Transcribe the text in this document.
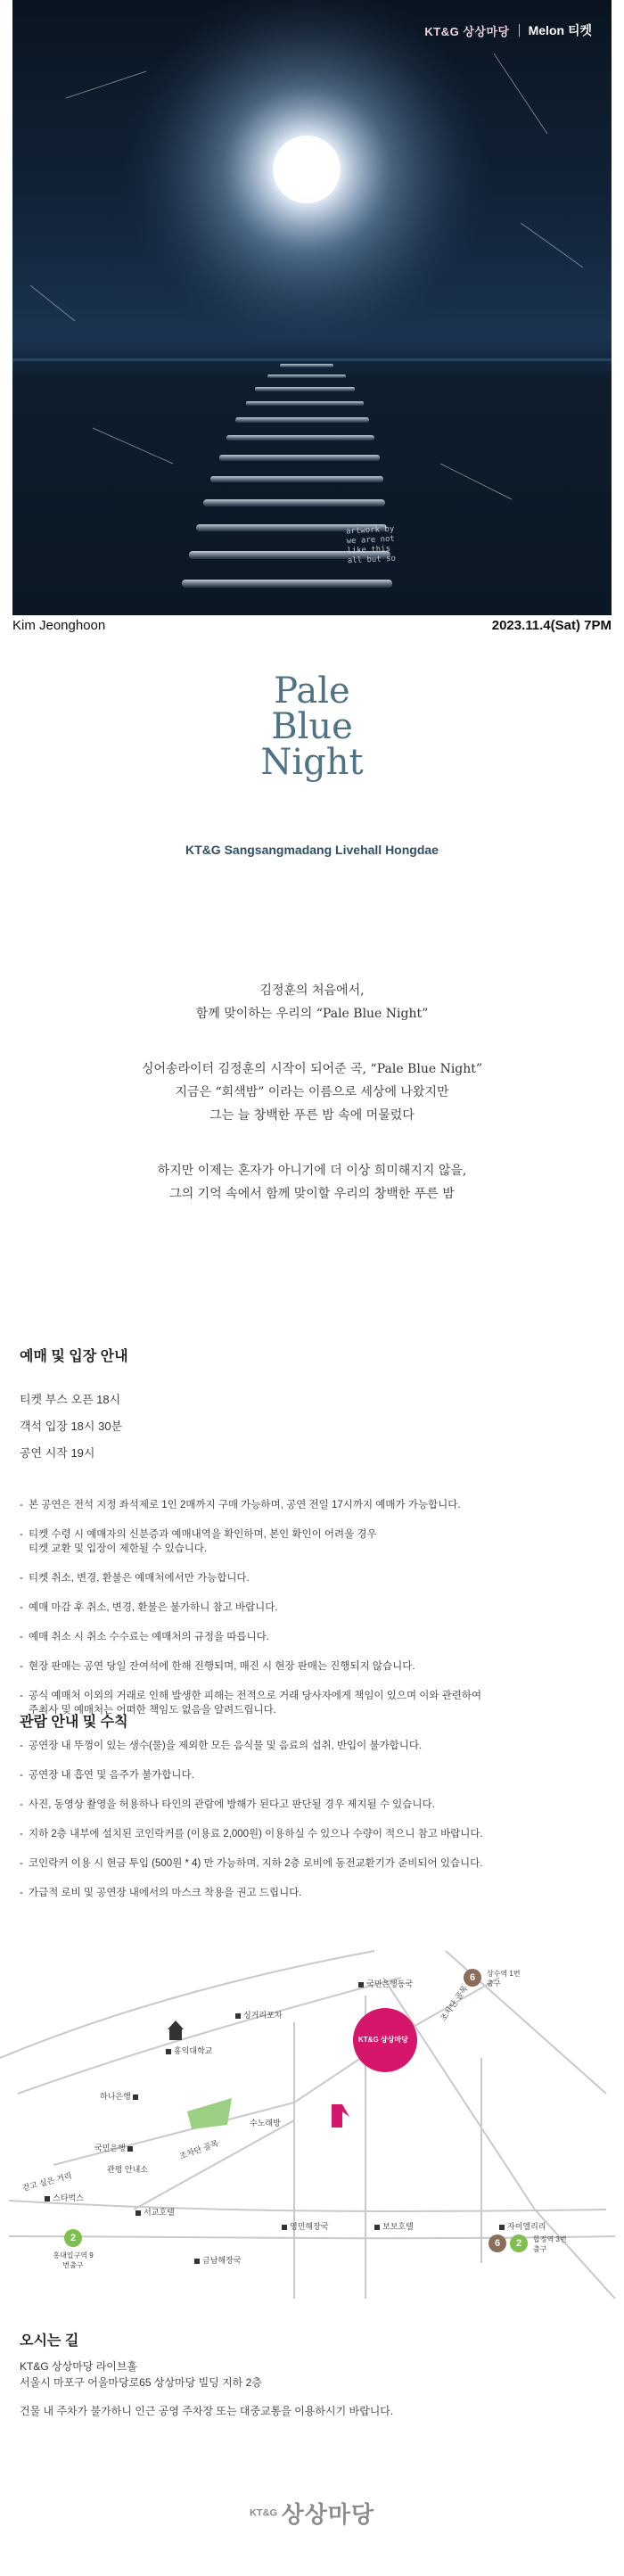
KT&G 상상마당 Melon 티켓
artwork by
we are not
like this
all but so
Kim Jeonghoon	2023.11.4(Sat) 7PM
Pale
Blue
Night
KT&G Sangsangmadang Livehall Hongdae

김정훈의 처음에서,

함께 맞이하는 우리의 “Pale Blue Night”

싱어송라이터 김정훈의 시작이 되어준 곡, “Pale Blue Night”

지금은 “회색밤” 이라는 이름으로 세상에 나왔지만

그는 늘 창백한 푸른 밤 속에 머물렀다

하지만 이제는 혼자가 아니기에 더 이상 희미해지지 않을,

그의 기억 속에서 함께 맞이할 우리의 창백한 푸른 밤

예매 및 입장 안내
티켓 부스 오픈 18시
객석 입장 18시 30분
공연 시작 19시
- 본 공연은 전석 지정 좌석제로 1인 2매까지 구매 가능하며, 공연 전일 17시까지 예매가 가능합니다.
- 티켓 수령 시 예매자의 신분증과 예매내역을 확인하며, 본인 확인이 어려울 경우
티켓 교환 및 입장이 제한될 수 있습니다.
- 티켓 취소, 변경, 환불은 예매처에서만 가능합니다.
- 예매 마감 후 취소, 변경, 환불은 불가하니 참고 바랍니다.
- 예매 취소 시 취소 수수료는 예매처의 규정을 따릅니다.
- 현장 판매는 공연 당일 잔여석에 한해 진행되며, 매진 시 현장 판매는 진행되지 않습니다.
- 공식 예매처 이외의 거래로 인해 발생한 피해는 전적으로 거래 당사자에게 책임이 있으며 이와 관련하여
주최사 및 예매처는 어떠한 책임도 없음을 알려드립니다.
관람 안내 및 수칙
- 공연장 내 뚜껑이 있는 생수(물)을 제외한 모든 음식물 및 음료의 섭취, 반입이 불가합니다.
- 공연장 내 흡연 및 음주가 불가합니다.
- 사진, 동영상 촬영을 허용하나 타인의 관람에 방해가 된다고 판단될 경우 제지될 수 있습니다.
- 지하 2층 내부에 설치된 코인락커를 (이용료 2,000원) 이용하실 수 있으나 수량이 적으니 참고 바랍니다.
- 코인락커 이용 시 현금 투입 (500원 * 4) 만 가능하며, 지하 2층 로비에 동전교환기가 준비되어 있습니다.
- 가급적 로비 및 공연장 내에서의 마스크 착용을 권고 드립니다.
국민은행동국
싱거리포차
홍익대학교
홍대 놀이터
하나은행
수노래방
국민은행	조차단 골목
조차단 골목
관평 안내소
걷고 싶은 거리
스타벅스
서교호텔
영민해장국	보보호텔	자이엘리리
금남해장국
KT&G 상상마당
6	상수역 1번출구
2
홍대입구역 9번출구
6	2	합정역 3번 출구
오시는 길
KT&G 상상마당 라이브홀
서울시 마포구 어울마당로65 상상마당 빌딩 지하 2층
건물 내 주차가 불가하니 인근 공영 주차장 또는 대중교통을 이용하시기 바랍니다.
KT&G 상상마당
